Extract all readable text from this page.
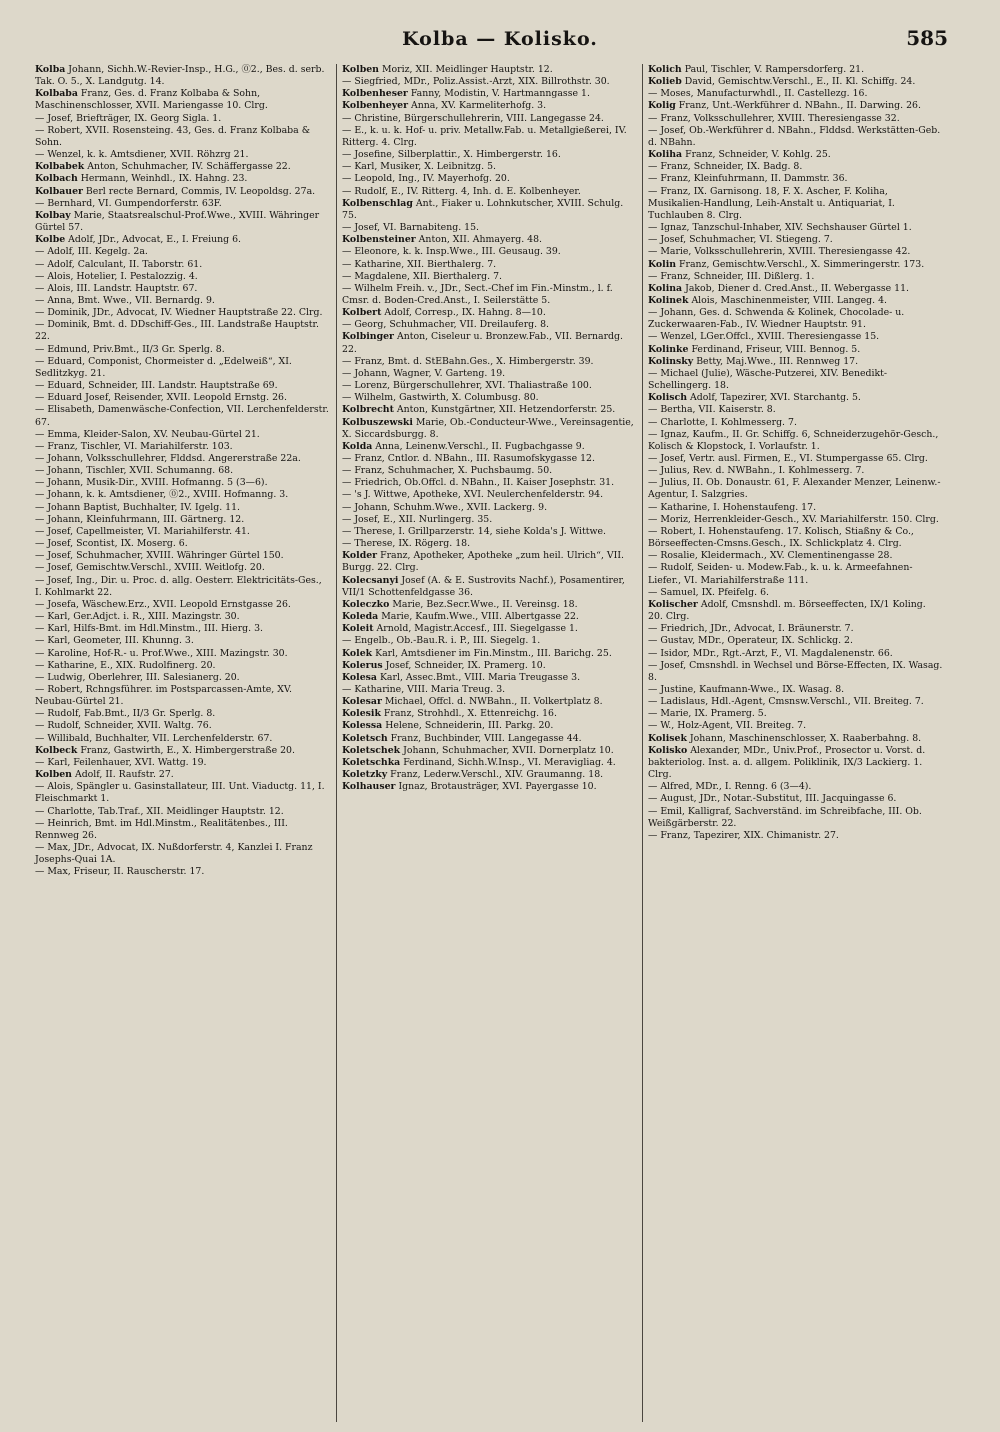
Kolba — Kolisko.	585

Kolba Johann, Sichh.W.-Revier-Insp., H.G., ⓪2., Bes. d. serb. Tak. O. 5., X. Landgutg. 14.

Kolbaba Franz, Ges. d. Franz Kolbaba & Sohn, Maschinenschlosser, XVII. Mariengasse 10. Clrg.

— Josef, Briefträger, IX. Georg Sigla. 1.

— Robert, XVII. Rosensteing. 43, Ges. d. Franz Kolbaba & Sohn.

— Wenzel, k. k. Amtsdiener, XVII. Röhzrg 21.

Kolbabek Anton, Schuhmacher, IV. Schäffergasse 22.

Kolbach Hermann, Weinhdl., IX. Hahng. 23.

Kolbauer Berl recte Bernard, Commis, IV. Leopoldsg. 27a.

— Bernhard, VI. Gumpendorferstr. 63F.

Kolbay Marie, Staatsrealschul-Prof.Wwe., XVIII. Währinger Gürtel 57.

Kolbe Adolf, JDr., Advocat, E., I. Freiung 6.

— Adolf, III. Kegelg. 2a.

— Adolf, Calculant, II. Taborstr. 61.

— Alois, Hotelier, I. Pestalozzig. 4.

— Alois, III. Landstr. Hauptstr. 67.

— Anna, Bmt. Wwe., VII. Bernardg. 9.

— Dominik, JDr., Advocat, IV. Wiedner Hauptstraße 22. Clrg.

— Dominik, Bmt. d. DDschiff-Ges., III. Landstraße Hauptstr. 22.

— Edmund, Priv.Bmt., II/3 Gr. Sperlg. 8.

— Eduard, Componist, Chormeister d. „Edelweiß“, XI. Sedlitzkyg. 21.

— Eduard, Schneider, III. Landstr. Hauptstraße 69.

— Eduard Josef, Reisender, XVII. Leopold Ernstg. 26.

— Elisabeth, Damenwäsche-Confection, VII. Lerchenfelderstr. 67.

— Emma, Kleider-Salon, XV. Neubau-Gürtel 21.

— Franz, Tischler, VI. Mariahilferstr. 103.

— Johann, Volksschullehrer, Flddsd. Angererstraße 22a.

— Johann, Tischler, XVII. Schumanng. 68.

— Johann, Musik-Dir., XVIII. Hofmanng. 5 (3—6).

— Johann, k. k. Amtsdiener, ⓪2., XVIII. Hofmanng. 3.

— Johann Baptist, Buchhalter, IV. Igelg. 11.

— Johann, Kleinfuhrmann, III. Gärtnerg. 12.

— Josef, Capellmeister, VI. Mariahilferstr. 41.

— Josef, Scontist, IX. Moserg. 6.

— Josef, Schuhmacher, XVIII. Währinger Gürtel 150.

— Josef, Gemischtw.Verschl., XVIII. Weitlofg. 20.

— Josef, Ing., Dir. u. Proc. d. allg. Oesterr. Elektricitäts-Ges., I. Kohlmarkt 22.

— Josefa, Wäschew.Erz., XVII. Leopold Ernstgasse 26.

— Karl, Ger.Adjct. i. R., XIII. Mazingstr. 30.

— Karl, Hilfs-Bmt. im Hdl.Minstm., III. Hierg. 3.

— Karl, Geometer, III. Khunng. 3.

— Karoline, Hof-R.- u. Prof.Wwe., XIII. Mazingstr. 30.

— Katharine, E., XIX. Rudolfinerg. 20.

— Ludwig, Oberlehrer, III. Salesianerg. 20.

— Robert, Rchngsführer. im Postsparcassen-Amte, XV. Neubau-Gürtel 21.

— Rudolf, Fab.Bmt., II/3 Gr. Sperlg. 8.

— Rudolf, Schneider, XVII. Waltg. 76.

— Willibald, Buchhalter, VII. Lerchenfelderstr. 67.

Kolbeck Franz, Gastwirth, E., X. Himbergerstraße 20.

— Karl, Feilenhauer, XVI. Wattg. 19.

Kolben Adolf, II. Raufstr. 27.

— Alois, Spängler u. Gasinstallateur, III. Unt. Viaductg. 11, I. Fleischmarkt 1.

— Charlotte, Tab.Traf., XII. Meidlinger Hauptstr. 12.

— Heinrich, Bmt. im Hdl.Minstm., Realitätenbes., III. Rennweg 26.

— Max, JDr., Advocat, IX. Nußdorferstr. 4, Kanzlei I. Franz Josephs-Quai 1A.

— Max, Friseur, II. Rauscherstr. 17.

Kolben Moriz, XII. Meidlinger Hauptstr. 12.

— Siegfried, MDr., Poliz.Assist.-Arzt, XIX. Billrothstr. 30.

Kolbenheser Fanny, Modistin, V. Hartmanngasse 1.

Kolbenheyer Anna, XV. Karmeliterhofg. 3.

— Christine, Bürgerschullehrerin, VIII. Langegasse 24.

— E., k. u. k. Hof- u. priv. Metallw.Fab. u. Metallgießerei, IV. Ritterg. 4. Clrg.

— Josefine, Silberplattir., X. Himbergerstr. 16.

— Karl, Musiker, X. Leibnitzg. 5.

— Leopold, Ing., IV. Mayerhofg. 20.

— Rudolf, E., IV. Ritterg. 4, Inh. d. E. Kolbenheyer.

Kolbenschlag Ant., Fiaker u. Lohnkutscher, XVIII. Schulg. 75.

— Josef, VI. Barnabiteng. 15.

Kolbensteiner Anton, XII. Ahmayerg. 48.

— Eleonore, k. k. Insp.Wwe., III. Geusaug. 39.

— Katharine, XII. Bierthalerg. 7.

— Magdalene, XII. Bierthalerg. 7.

— Wilhelm Freih. v., JDr., Sect.-Chef im Fin.-Minstm., l. f. Cmsr. d. Boden-Cred.Anst., I. Seilerstätte 5.

Kolbert Adolf, Corresp., IX. Hahng. 8—10.

— Georg, Schuhmacher, VII. Dreilauferg. 8.

Kolbinger Anton, Ciseleur u. Bronzew.Fab., VII. Bernardg. 22.

— Franz, Bmt. d. StEBahn.Ges., X. Himbergerstr. 39.

— Johann, Wagner, V. Garteng. 19.

— Lorenz, Bürgerschullehrer, XVI. Thaliastraße 100.

— Wilhelm, Gastwirth, X. Columbusg. 80.

Kolbrecht Anton, Kunstgärtner, XII. Hetzendorferstr. 25.

Kolbuszewski Marie, Ob.-Conducteur-Wwe., Vereinsagentie, X. Siccardsburgg. 8.

Kolda Anna, Leinenw.Verschl., II. Fugbachgasse 9.

— Franz, Cntlor. d. NBahn., III. Rasumofskygasse 12.

— Franz, Schuhmacher, X. Puchsbaumg. 50.

— Friedrich, Ob.Offcl. d. NBahn., II. Kaiser Josephstr. 31.

— 's J. Wittwe, Apotheke, XVI. Neulerchenfelderstr. 94.

— Johann, Schuhm.Wwe., XVII. Lackerg. 9.

— Josef, E., XII. Nurlingerg. 35.

— Therese, I. Grillparzerstr. 14, siehe Kolda's J. Wittwe.

— Therese, IX. Rögerg. 18.

Kolder Franz, Apotheker, Apotheke „zum heil. Ulrich“, VII. Burgg. 22. Clrg.

Kolecsanyi Josef (A. & E. Sustrovits Nachf.), Posamentirer, VII/1 Schottenfeldgasse 36.

Koleczko Marie, Bez.Secr.Wwe., II. Vereinsg. 18.

Koleda Marie, Kaufm.Wwe., VIII. Albertgasse 22.

Koleit Arnold, Magistr.Accesf., III. Siegelgasse 1.

— Engelb., Ob.-Bau.R. i. P., III. Siegelg. 1.

Kolek Karl, Amtsdiener im Fin.Minstm., III. Barichg. 25.

Kolerus Josef, Schneider, IX. Pramerg. 10.

Kolesa Karl, Assec.Bmt., VIII. Maria Treugasse 3.

— Katharine, VIII. Maria Treug. 3.

Kolesar Michael, Offcl. d. NWBahn., II. Volkertplatz 8.

Kolesik Franz, Strohhdl., X. Ettenreichg. 16.

Kolessa Helene, Schneiderin, III. Parkg. 20.

Koletsch Franz, Buchbinder, VIII. Langegasse 44.

Koletschek Johann, Schuhmacher, XVII. Dornerplatz 10.

Koletschka Ferdinand, Sichh.W.Insp., VI. Meravigliag. 4.

Koletzky Franz, Lederw.Verschl., XIV. Graumanng. 18.

Kolhauser Ignaz, Brotausträger, XVI. Payergasse 10.

Kolich Paul, Tischler, V. Rampersdorferg. 21.

Kolieb David, Gemischtw.Verschl., E., II. Kl. Schiffg. 24.

— Moses, Manufacturwhdl., II. Castellezg. 16.

Kolig Franz, Unt.-Werkführer d. NBahn., II. Darwing. 26.

— Franz, Volksschullehrer, XVIII. Theresiengasse 32.

— Josef, Ob.-Werkführer d. NBahn., Flddsd. Werkstätten-Geb. d. NBahn.

Koliha Franz, Schneider, V. Kohlg. 25.

— Franz, Schneider, IX. Badg. 8.

— Franz, Kleinfuhrmann, II. Dammstr. 36.

— Franz, IX. Garnisong. 18, F. X. Ascher, F. Koliha, Musikalien-Handlung, Leih-Anstalt u. Antiquariat, I. Tuchlauben 8. Clrg.

— Ignaz, Tanzschul-Inhaber, XIV. Sechshauser Gürtel 1.

— Josef, Schuhmacher, VI. Stiegeng. 7.

— Marie, Volksschullehrerin, XVIII. Theresiengasse 42.

Kolin Franz, Gemischtw.Verschl., X. Simmeringerstr. 173.

— Franz, Schneider, III. Dißlerg. 1.

Kolina Jakob, Diener d. Cred.Anst., II. Webergasse 11.

Kolinek Alois, Maschinenmeister, VIII. Langeg. 4.

— Johann, Ges. d. Schwenda & Kolinek, Chocolade- u. Zuckerwaaren-Fab., IV. Wiedner Hauptstr. 91.

— Wenzel, LGer.Offcl., XVIII. Theresiengasse 15.

Kolinke Ferdinand, Friseur, VIII. Bennog. 5.

Kolinsky Betty, Maj.Wwe., III. Rennweg 17.

— Michael (Julie), Wäsche-Putzerei, XIV. Benedikt-Schellingerg. 18.

Kolisch Adolf, Tapezirer, XVI. Starchantg. 5.

— Bertha, VII. Kaiserstr. 8.

— Charlotte, I. Kohlmesserg. 7.

— Ignaz, Kaufm., II. Gr. Schiffg. 6, Schneiderzugehör-Gesch., Kolisch & Klopstock, I. Vorlaufstr. 1.

— Josef, Vertr. ausl. Firmen, E., VI. Stumpergasse 65. Clrg.

— Julius, Rev. d. NWBahn., I. Kohlmesserg. 7.

— Julius, II. Ob. Donaustr. 61, F. Alexander Menzer, Leinenw.-Agentur, I. Salzgries.

— Katharine, I. Hohenstaufeng. 17.

— Moriz, Herrenkleider-Gesch., XV. Mariahilferstr. 150. Clrg.

— Robert, I. Hohenstaufeng. 17. Kolisch, Stiaßny & Co., Börseeffecten-Cmsns.Gesch., IX. Schlickplatz 4. Clrg.

— Rosalie, Kleidermach., XV. Clementinengasse 28.

— Rudolf, Seiden- u. Modew.Fab., k. u. k. Armeefahnen-Liefer., VI. Mariahilferstraße 111.

— Samuel, IX. Pfeifelg. 6.

Kolischer Adolf, Cmsnshdl. m. Börseeffecten, IX/1 Koling. 20. Clrg.

— Friedrich, JDr., Advocat, I. Bräunerstr. 7.

— Gustav, MDr., Operateur, IX. Schlickg. 2.

— Isidor, MDr., Rgt.-Arzt, F., VI. Magdalenenstr. 66.

— Josef, Cmsnshdl. in Wechsel und Börse-Effecten, IX. Wasag. 8.

— Justine, Kaufmann-Wwe., IX. Wasag. 8.

— Ladislaus, Hdl.-Agent, Cmsnsw.Verschl., VII. Breiteg. 7.

— Marie, IX. Pramerg. 5.

— W., Holz-Agent, VII. Breiteg. 7.

Kolisek Johann, Maschinenschlosser, X. Raaberbahng. 8.

Kolisko Alexander, MDr., Univ.Prof., Prosector u. Vorst. d. bakteriolog. Inst. a. d. allgem. Poliklinik, IX/3 Lackierg. 1. Clrg.

— Alfred, MDr., I. Renng. 6 (3—4).

— August, JDr., Notar.-Substitut, III. Jacquingasse 6.

— Emil, Kalligraf, Sachverständ. im Schreibfache, III. Ob. Weißgärberstr. 22.

— Franz, Tapezirer, XIX. Chimanistr. 27.
